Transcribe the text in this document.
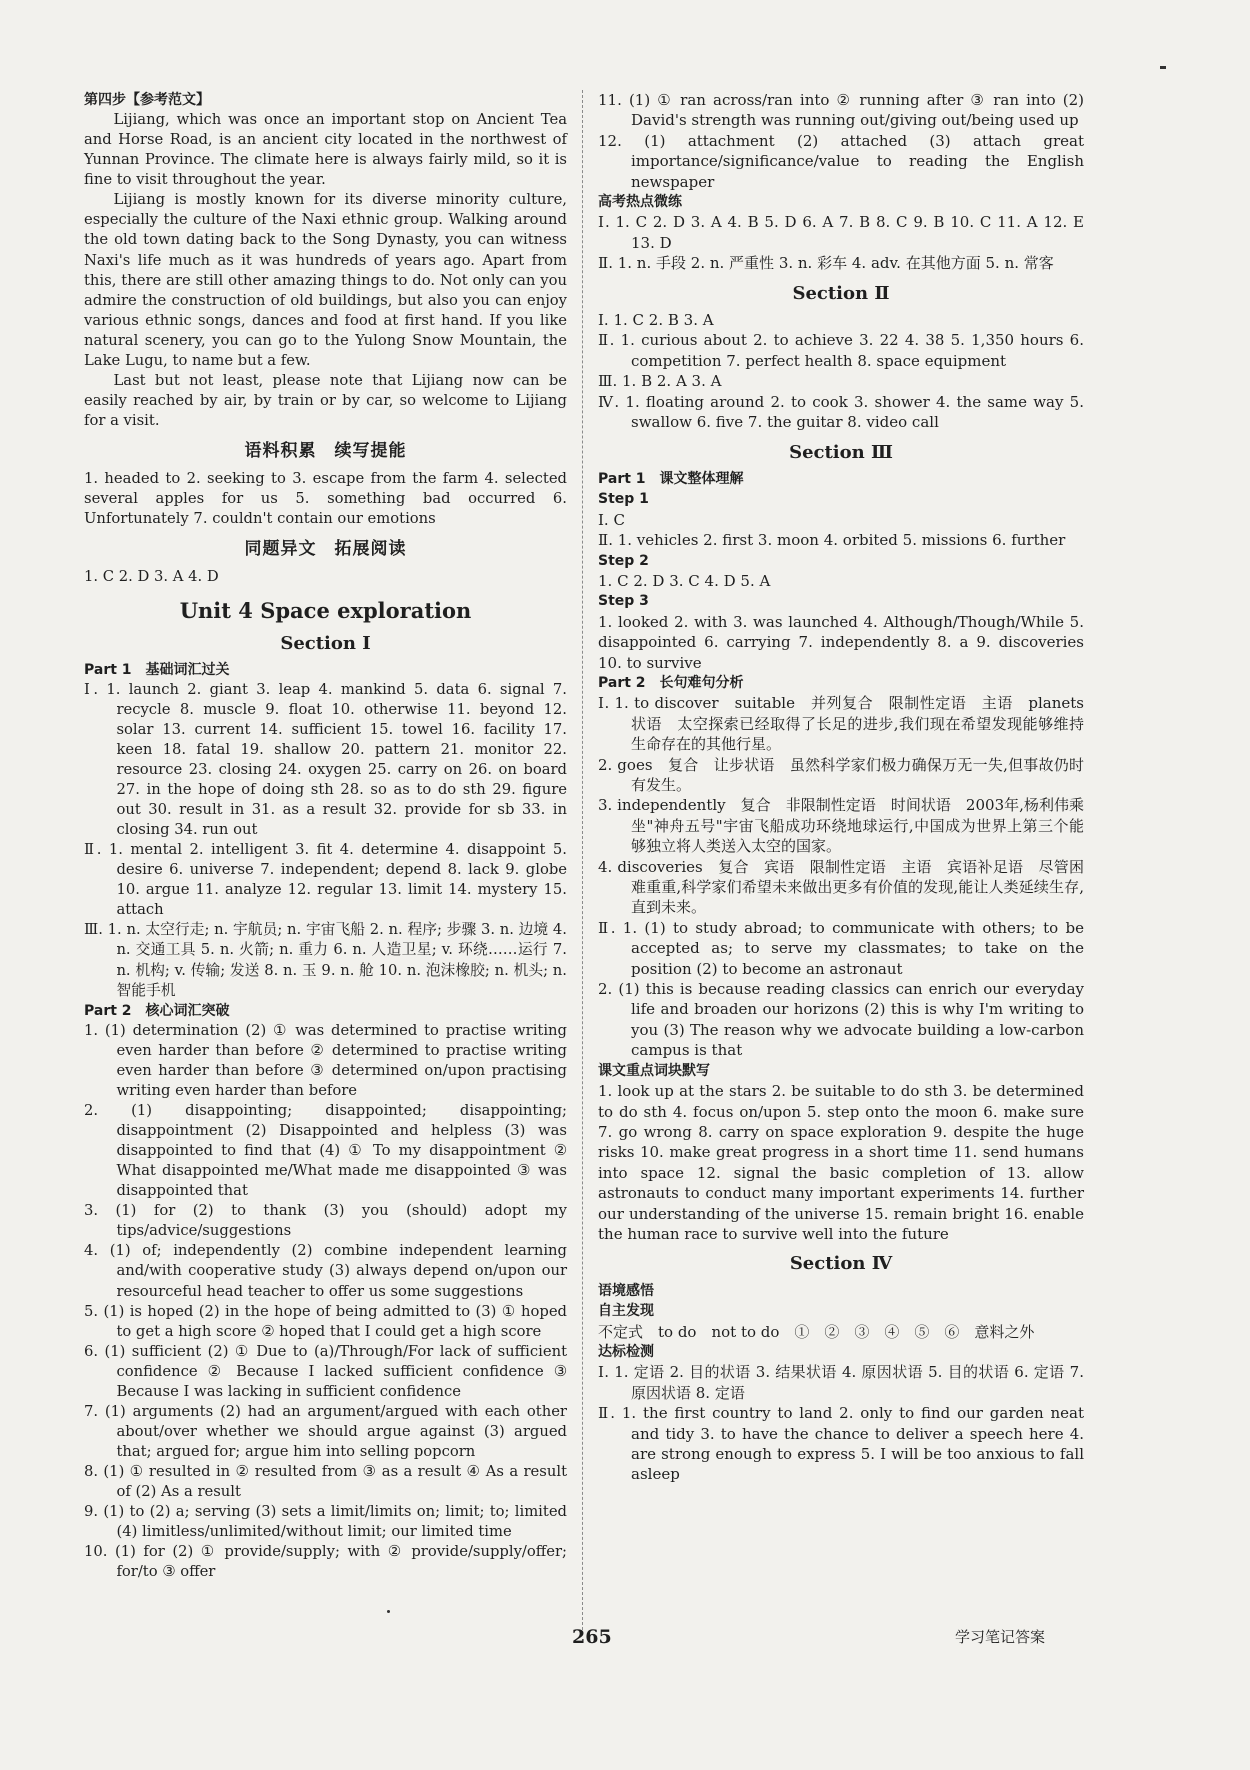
第四步【参考范文】

Lijiang, which was once an important stop on Ancient Tea and Horse Road, is an ancient city located in the northwest of Yunnan Province. The climate here is always fairly mild, so it is fine to visit throughout the year.

Lijiang is mostly known for its diverse minority culture, especially the culture of the Naxi ethnic group. Walking around the old town dating back to the Song Dynasty, you can witness Naxi's life much as it was hundreds of years ago. Apart from this, there are still other amazing things to do. Not only can you admire the construction of old buildings, but also you can enjoy various ethnic songs, dances and food at first hand. If you like natural scenery, you can go to the Yulong Snow Mountain, the Lake Lugu, to name but a few.

Last but not least, please note that Lijiang now can be easily reached by air, by train or by car, so welcome to Lijiang for a visit.

语料积累　续写提能

1. headed to 2. seeking to 3. escape from the farm 4. selected several apples for us 5. something bad occurred 6. Unfortunately 7. couldn't contain our emotions

同题异文　拓展阅读

1. C 2. D 3. A 4. D

Unit 4 Space exploration
Section Ⅰ

Part 1　基础词汇过关

Ⅰ. 1. launch 2. giant 3. leap 4. mankind 5. data 6. signal 7. recycle 8. muscle 9. float 10. otherwise 11. beyond 12. solar 13. current 14. sufficient 15. towel 16. facility 17. keen 18. fatal 19. shallow 20. pattern 21. monitor 22. resource 23. closing 24. oxygen 25. carry on 26. on board 27. in the hope of doing sth 28. so as to do sth 29. figure out 30. result in 31. as a result 32. provide for sb 33. in closing 34. run out

Ⅱ. 1. mental 2. intelligent 3. fit 4. determine 4. disappoint 5. desire 6. universe 7. independent; depend 8. lack 9. globe 10. argue 11. analyze 12. regular 13. limit 14. mystery 15. attach

Ⅲ. 1. n. 太空行走; n. 宇航员; n. 宇宙飞船 2. n. 程序; 步骤 3. n. 边境 4. n. 交通工具 5. n. 火箭; n. 重力 6. n. 人造卫星; v. 环绕……运行 7. n. 机构; v. 传输; 发送 8. n. 玉 9. n. 舱 10. n. 泡沫橡胶; n. 机头; n. 智能手机

Part 2　核心词汇突破

1. (1) determination (2) ① was determined to practise writing even harder than before ② determined to practise writing even harder than before ③ determined on/upon practising writing even harder than before

2. (1) disappointing; disappointed; disappointing; disappointment (2) Disappointed and helpless (3) was disappointed to find that (4) ① To my disappointment ② What disappointed me/What made me disappointed ③ was disappointed that

3. (1) for (2) to thank (3) you (should) adopt my tips/advice/suggestions

4. (1) of; independently (2) combine independent learning and/with cooperative study (3) always depend on/upon our resourceful head teacher to offer us some suggestions

5. (1) is hoped (2) in the hope of being admitted to (3) ① hoped to get a high score ② hoped that I could get a high score

6. (1) sufficient (2) ① Due to (a)/Through/For lack of sufficient confidence ② Because I lacked sufficient confidence ③ Because I was lacking in sufficient confidence

7. (1) arguments (2) had an argument/argued with each other about/over whether we should argue against (3) argued that; argued for; argue him into selling popcorn

8. (1) ① resulted in ② resulted from ③ as a result ④ As a result of (2) As a result

9. (1) to (2) a; serving (3) sets a limit/limits on; limit; to; limited (4) limitless/unlimited/without limit; our limited time

10. (1) for (2) ① provide/supply; with ② provide/supply/offer; for/to ③ offer

11. (1) ① ran across/ran into ② running after ③ ran into (2) David's strength was running out/giving out/being used up

12. (1) attachment (2) attached (3) attach great importance/significance/value to reading the English newspaper

高考热点微练

Ⅰ. 1. C 2. D 3. A 4. B 5. D 6. A 7. B 8. C 9. B 10. C 11. A 12. E 13. D

Ⅱ. 1. n. 手段 2. n. 严重性 3. n. 彩车 4. adv. 在其他方面 5. n. 常客

Section Ⅱ

Ⅰ. 1. C 2. B 3. A

Ⅱ. 1. curious about 2. to achieve 3. 22 4. 38 5. 1,350 hours 6. competition 7. perfect health 8. space equipment

Ⅲ. 1. B 2. A 3. A

Ⅳ. 1. floating around 2. to cook 3. shower 4. the same way 5. swallow 6. five 7. the guitar 8. video call

Section Ⅲ

Part 1　课文整体理解

Step 1

Ⅰ. C

Ⅱ. 1. vehicles 2. first 3. moon 4. orbited 5. missions 6. further

Step 2

1. C 2. D 3. C 4. D 5. A

Step 3

1. looked 2. with 3. was launched 4. Although/Though/While 5. disappointed 6. carrying 7. independently 8. a 9. discoveries 10. to survive

Part 2　长句难句分析

Ⅰ. 1. to discover　suitable　并列复合　限制性定语　主语　planets　状语　太空探索已经取得了长足的进步,我们现在希望发现能够维持生命存在的其他行星。

2. goes　复合　让步状语　虽然科学家们极力确保万无一失,但事故仍时有发生。

3. independently　复合　非限制性定语　时间状语　2003年,杨利伟乘坐"神舟五号"宇宙飞船成功环绕地球运行,中国成为世界上第三个能够独立将人类送入太空的国家。

4. discoveries　复合　宾语　限制性定语　主语　宾语补足语　尽管困难重重,科学家们希望未来做出更多有价值的发现,能让人类延续生存,直到未来。

Ⅱ. 1. (1) to study abroad; to communicate with others; to be accepted as; to serve my classmates; to take on the position (2) to become an astronaut

2. (1) this is because reading classics can enrich our everyday life and broaden our horizons (2) this is why I'm writing to you (3) The reason why we advocate building a low-carbon campus is that

课文重点词块默写

1. look up at the stars 2. be suitable to do sth 3. be determined to do sth 4. focus on/upon 5. step onto the moon 6. make sure 7. go wrong 8. carry on space exploration 9. despite the huge risks 10. make great progress in a short time 11. send humans into space 12. signal the basic completion of 13. allow astronauts to conduct many important experiments 14. further our understanding of the universe 15. remain bright 16. enable the human race to survive well into the future

Section Ⅳ

语境感悟

自主发现

不定式　to do　not to do　①　②　③　④　⑤　⑥　意料之外

达标检测

Ⅰ. 1. 定语 2. 目的状语 3. 结果状语 4. 原因状语 5. 目的状语 6. 定语 7. 原因状语 8. 定语

Ⅱ. 1. the first country to land 2. only to find our garden neat and tidy 3. to have the chance to deliver a speech here 4. are strong enough to express 5. I will be too anxious to fall asleep

265	学习笔记答案
